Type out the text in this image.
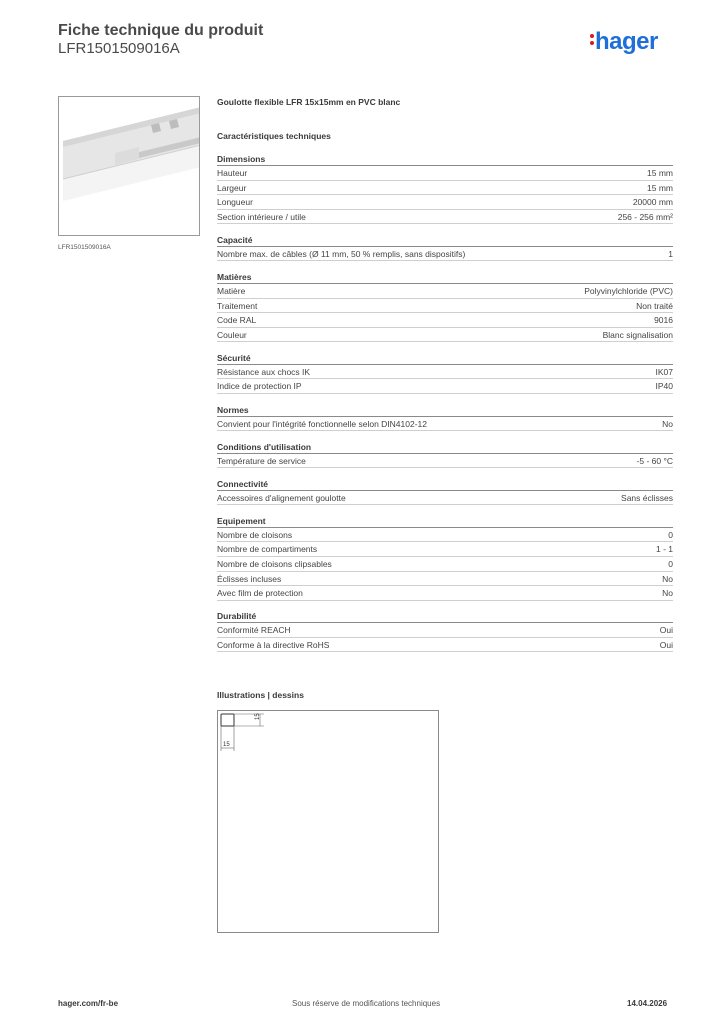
Fiche technique du produit
LFR1501509016A	hager
LFR1501509016A
Goulotte flexible LFR 15x15mm en PVC blanc
Caractéristiques techniques
Dimensions
Hauteur	15 mm
Largeur	15 mm
Longueur	20000 mm
Section intérieure / utile	256 - 256 mm²
Capacité
Nombre max. de câbles (Ø 11 mm, 50 % remplis, sans dispositifs)	1
Matières
Matière	Polyvinylchloride (PVC)
Traitement	Non traité
Code RAL	9016
Couleur	Blanc signalisation
Sécurité
Résistance aux chocs IK	IK07
Indice de protection IP	IP40
Normes
Convient pour l'intégrité fonctionnelle selon DIN4102-12	No
Conditions d'utilisation
Température de service	-5 - 60 °C
Connectivité
Accessoires d'alignement goulotte	Sans éclisses
Equipement
Nombre de cloisons	0
Nombre de compartiments	1 - 1
Nombre de cloisons clipsables	0
Éclisses incluses	No
Avec film de protection	No
Durabilité
Conformité REACH	Oui
Conforme à la directive RoHS	Oui
Illustrations | dessins
15
15
hager.com/fr-be	Sous réserve de modifications techniques	14.04.2026
